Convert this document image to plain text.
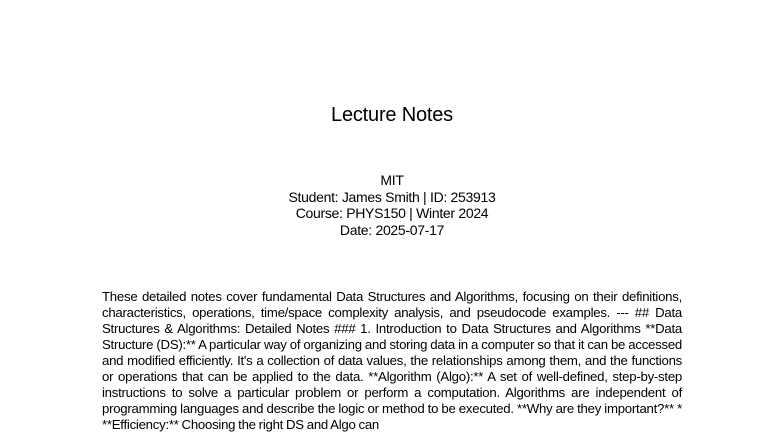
Lecture Notes
MIT
Student: James Smith | ID: 253913
Course: PHYS150 | Winter 2024
Date: 2025-07-17
These detailed notes cover fundamental Data Structures and Algorithms, focusing on their definitions, characteristics, operations, time/space complexity analysis, and pseudocode examples. --- ## Data Structures & Algorithms: Detailed Notes ### 1. Introduction to Data Structures and Algorithms **Data Structure (DS):** A particular way of organizing and storing data in a computer so that it can be accessed and modified efficiently. It's a collection of data values, the relationships among them, and the functions or operations that can be applied to the data. **Algorithm (Algo):** A set of well-defined, step-by-step instructions to solve a particular problem or perform a computation. Algorithms are independent of programming languages and describe the logic or method to be executed. **Why are they important?** * **Efficiency:** Choosing the right DS and Algo can
